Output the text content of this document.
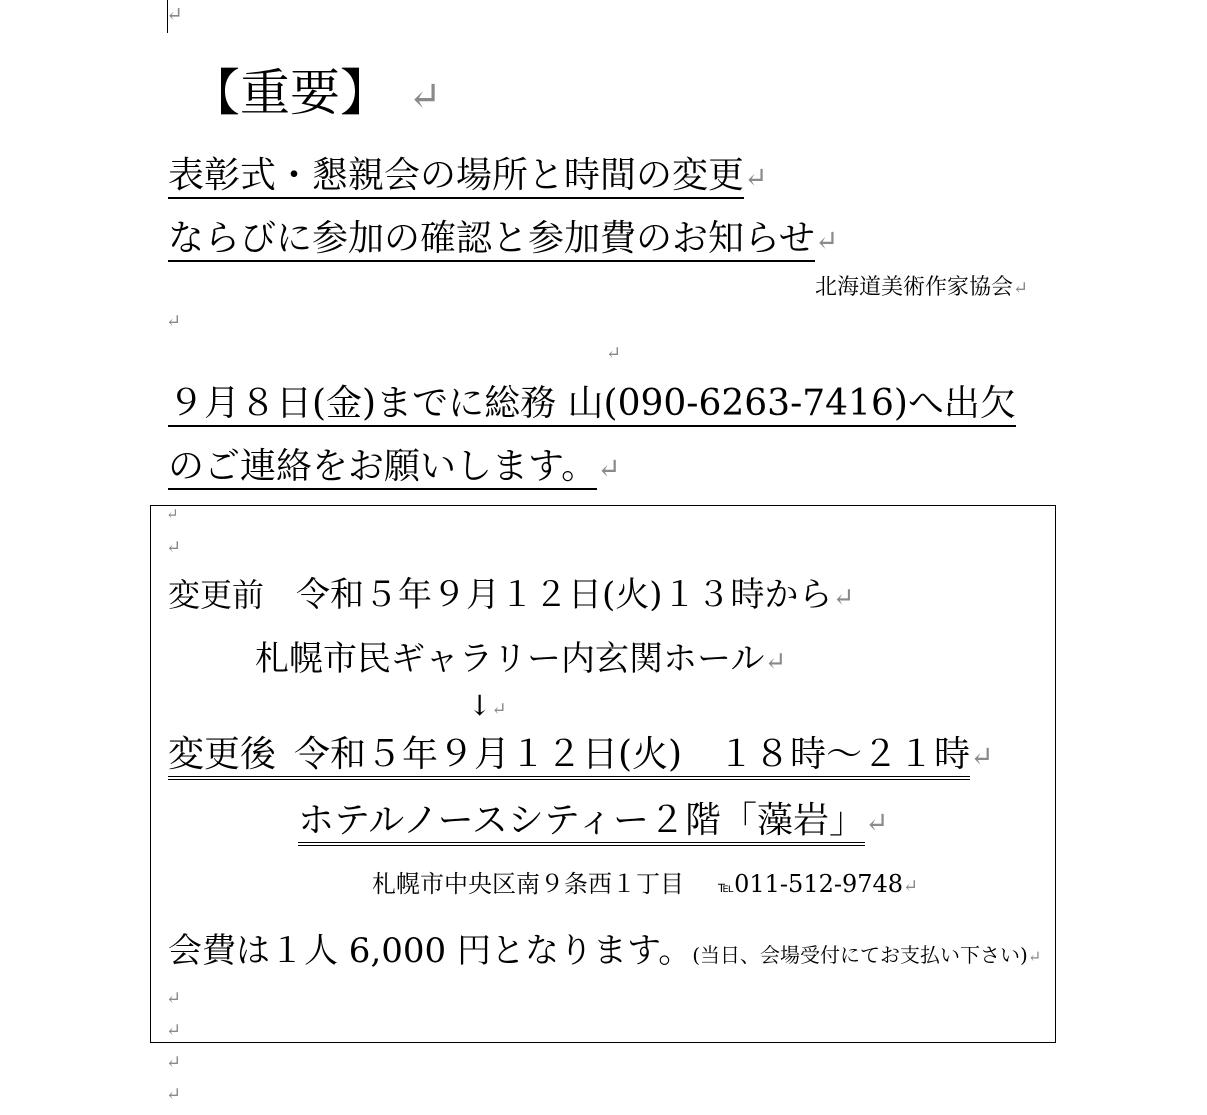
↵
【重要】 ↵
表彰式・懇親会の場所と時間の変更↵
ならびに参加の確認と参加費のお知らせ↵
北海道美術作家協会↵
↵
↵
９月８日(金)までに総務 山(090-6263-7416)へ出欠
のご連絡をお願いします。↵
↵
↵
変更前 令和５年９月１２日(火)１３時から↵
札幌市民ギャラリー内玄関ホール↵
↓↵
変更後 令和５年９月１２日(火) １８時～２１時↵
ホテルノースシティー２階「藻岩」↵
札幌市中央区南９条西１丁目 ℡011-512-9748↵
会費は１人 6,000 円となります。(当日、会場受付にてお支払い下さい)↵
↵
↵
↵
↵
